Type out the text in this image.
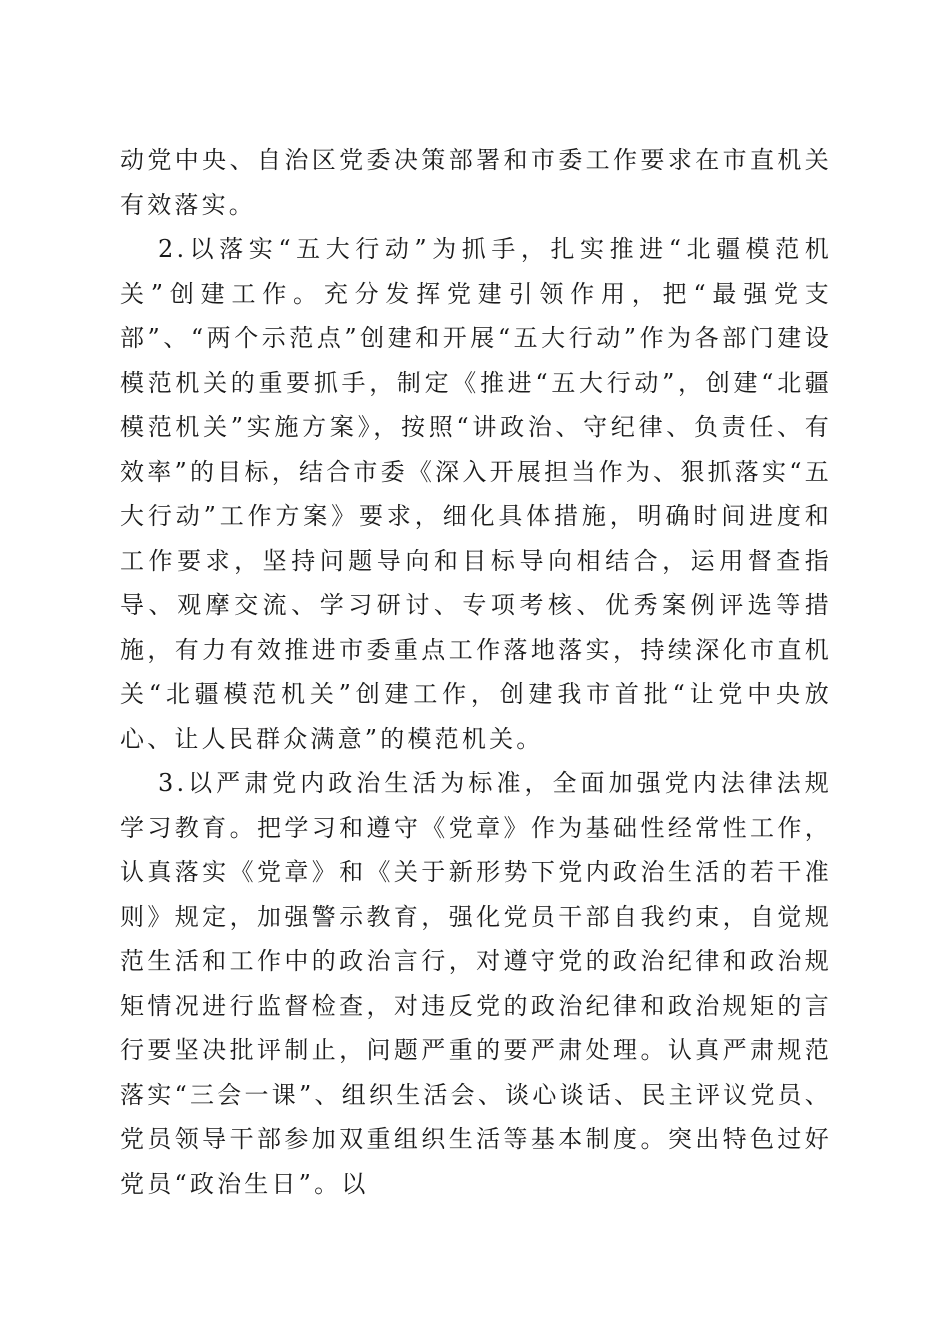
动党中央、自治区党委决策部署和市委工作要求在市直机关有效落实。

2.以落实“五大行动”为抓手，扎实推进“北疆模范机关”创建工作。充分发挥党建引领作用，把“最强党支部”、“两个示范点”创建和开展“五大行动”作为各部门建设模范机关的重要抓手，制定《推进“五大行动”，创建“北疆模范机关”实施方案》，按照“讲政治、守纪律、负责任、有效率”的目标，结合市委《深入开展担当作为、狠抓落实“五大行动”工作方案》要求，细化具体措施，明确时间进度和工作要求，坚持问题导向和目标导向相结合，运用督查指导、观摩交流、学习研讨、专项考核、优秀案例评选等措施，有力有效推进市委重点工作落地落实，持续深化市直机关“北疆模范机关”创建工作，创建我市首批“让党中央放心、让人民群众满意”的模范机关。

3.以严肃党内政治生活为标准，全面加强党内法律法规学习教育。把学习和遵守《党章》作为基础性经常性工作，认真落实《党章》和《关于新形势下党内政治生活的若干准则》规定，加强警示教育，强化党员干部自我约束，自觉规范生活和工作中的政治言行，对遵守党的政治纪律和政治规矩情况进行监督检查，对违反党的政治纪律和政治规矩的言行要坚决批评制止，问题严重的要严肃处理。认真严肃规范落实“三会一课”、组织生活会、谈心谈话、民主评议党员、党员领导干部参加双重组织生活等基本制度。突出特色过好党员“政治生日”。以
